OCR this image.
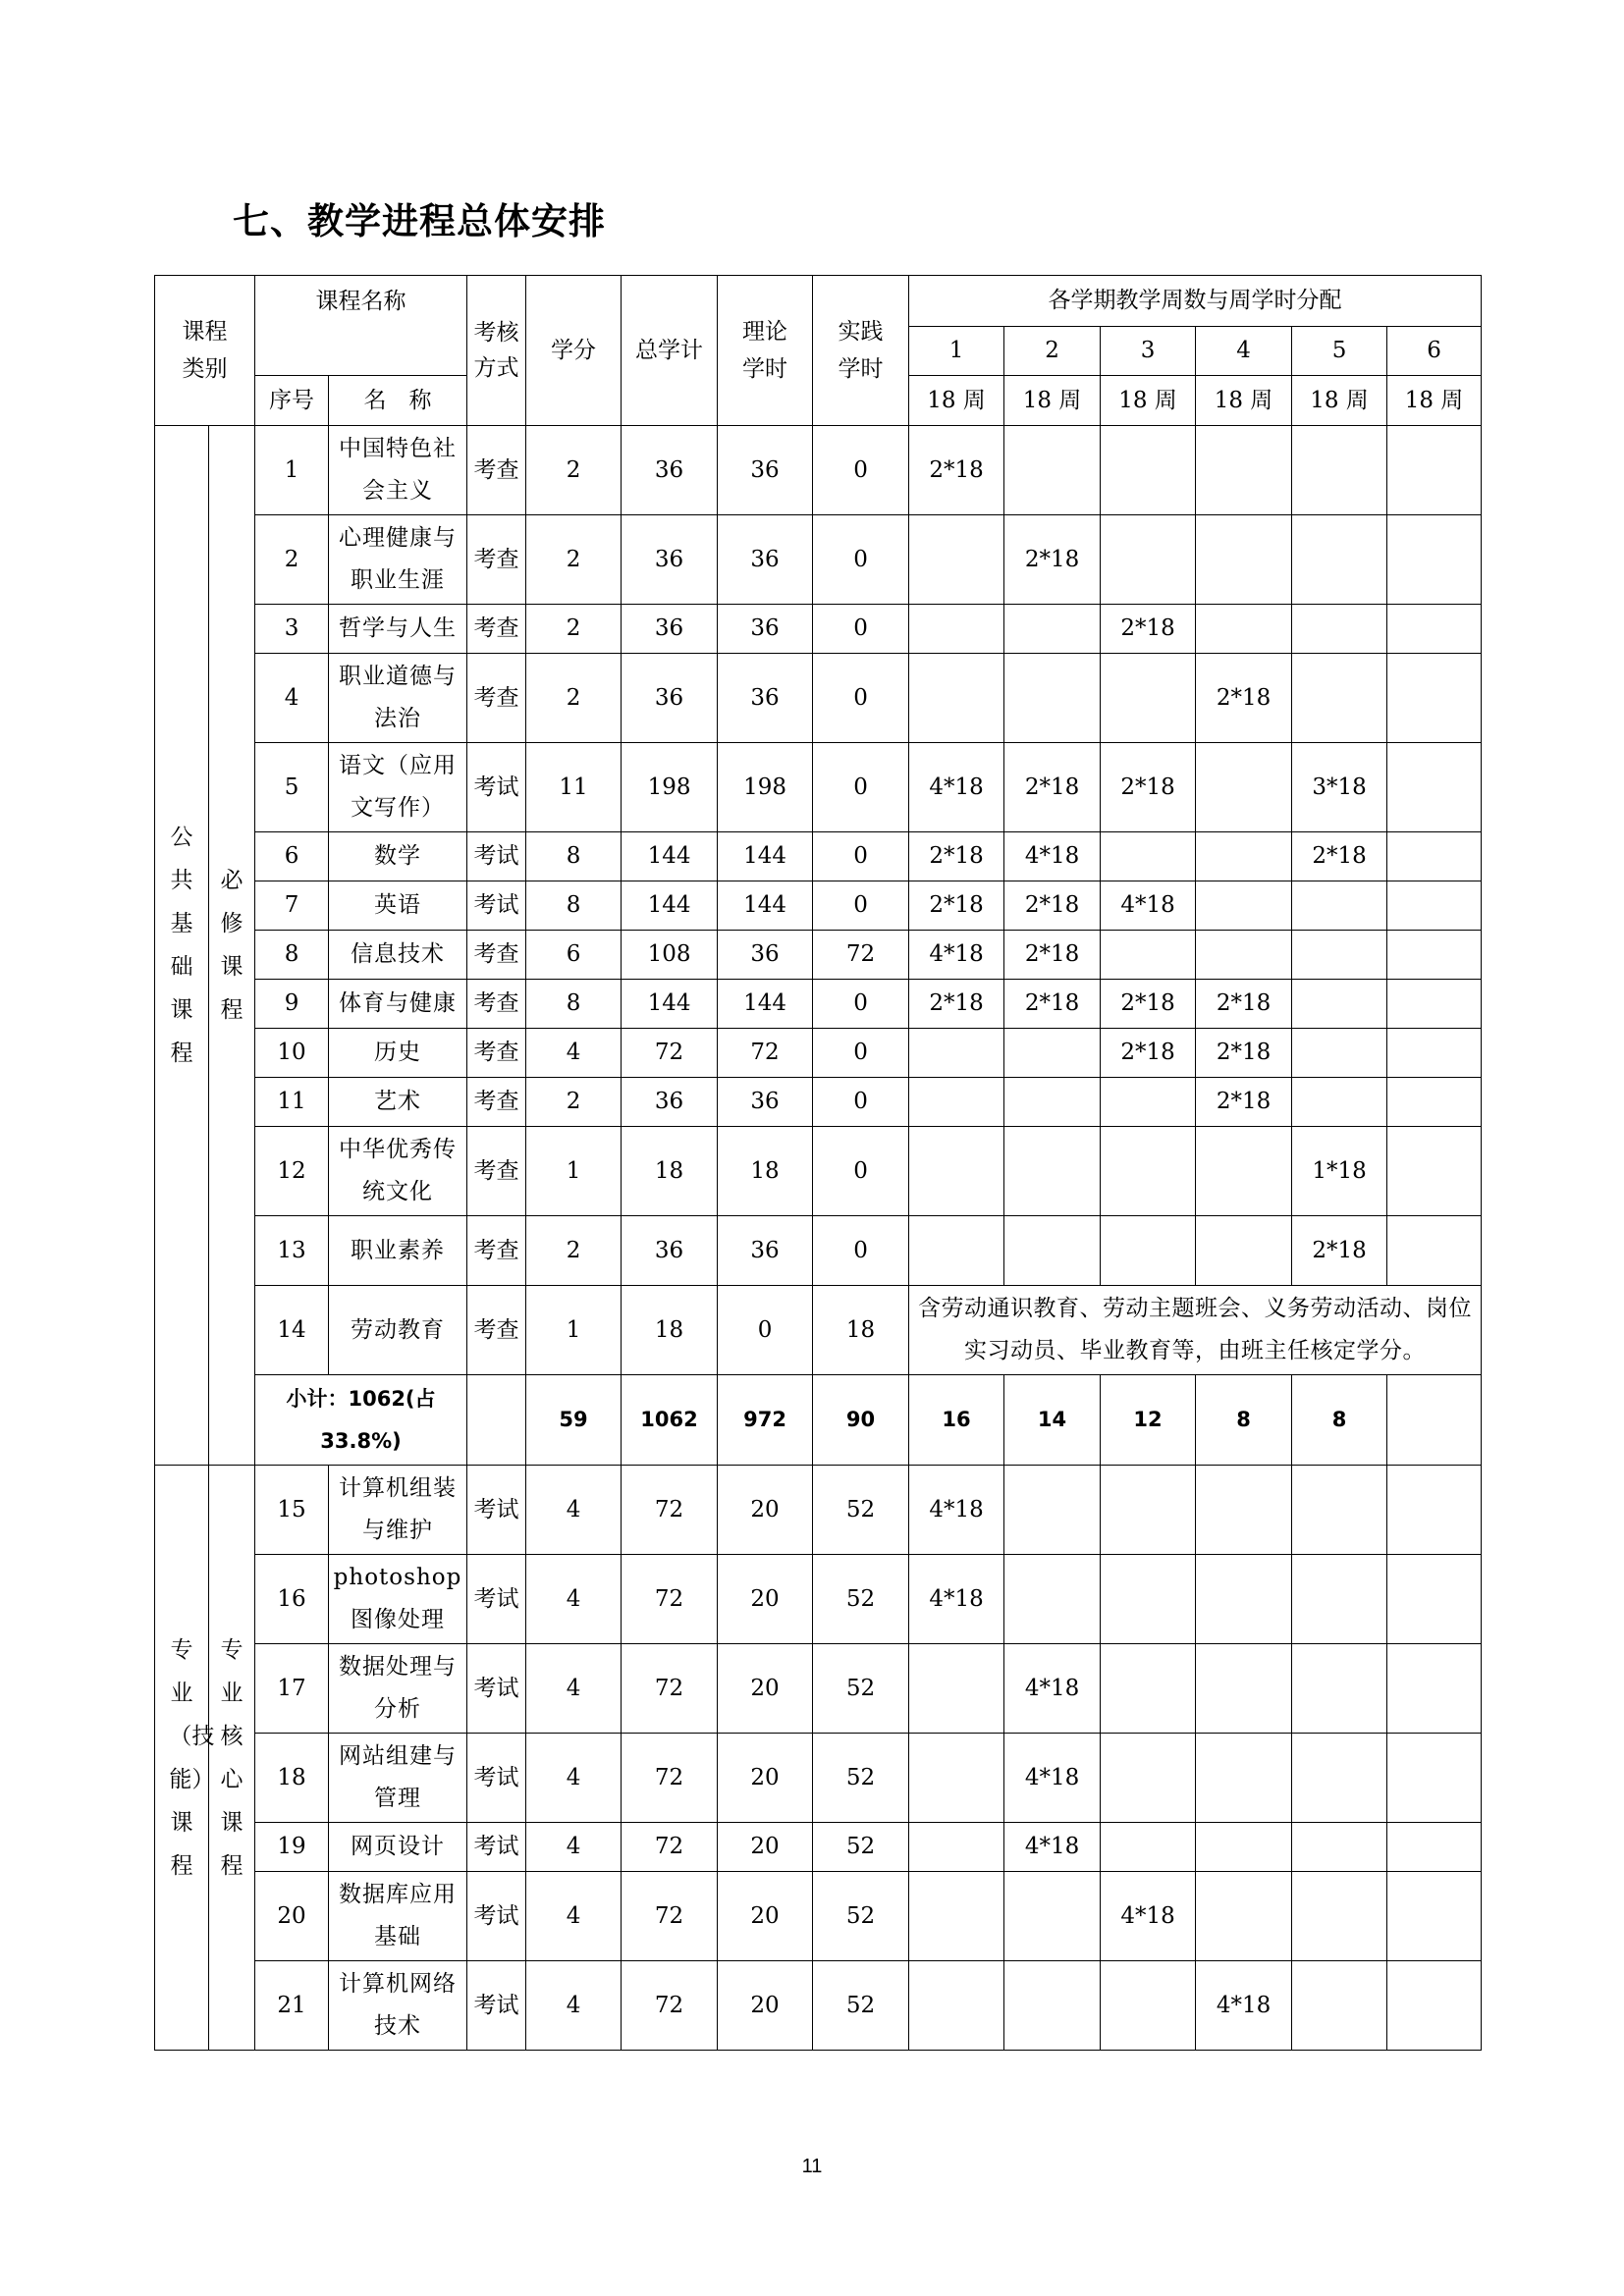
七、教学进程总体安排
课程类别		课程名称		考核方式	学分	总学计	理论学时	实践学时	各学期教学周数与周学时分配					
									1	2	3	4	5	6
		序号	名　称						18 周	18 周	18 周	18 周	18 周	18 周

公共基础课程	必修课程	1	中国特色社会主义	考查	2	36	36	0	2*18					
		2	心理健康与职业生涯	考查	2	36	36	0		2*18				
		3	哲学与人生	考查	2	36	36	0			2*18			
		4	职业道德与法治	考查	2	36	36	0				2*18		
		5	语文（应用文写作）	考试	11	198	198	0	4*18	2*18	2*18		3*18	
		6	数学	考试	8	144	144	0	2*18	4*18			2*18	
		7	英语	考试	8	144	144	0	2*18	2*18	4*18			
		8	信息技术	考查	6	108	36	72	4*18	2*18				
		9	体育与健康	考查	8	144	144	0	2*18	2*18	2*18	2*18		
		10	历史	考查	4	72	72	0			2*18	2*18		
		11	艺术	考查	2	36	36	0				2*18		
		12	中华优秀传统文化	考查	1	18	18	0					1*18	
		13	职业素养	考查	2	36	36	0					2*18	
		14	劳动教育	考查	1	18	0	18	含劳动通识教育、劳动主题班会、义务劳动活动、岗位实习动员、毕业教育等，由班主任核定学分。					
		小计：1062(占33.8%)			59	1062	972	90	16	14	12	8	8	

专业（技能）课程	专业核心课程	15	计算机组装与维护	考试	4	72	20	52	4*18					
		16	photoshop图像处理	考试	4	72	20	52	4*18					
		17	数据处理与分析	考试	4	72	20	52		4*18				
		18	网站组建与管理	考试	4	72	20	52		4*18				
		19	网页设计	考试	4	72	20	52		4*18				
		20	数据库应用基础	考试	4	72	20	52			4*18			
		21	计算机网络技术	考试	4	72	20	52				4*18		
11
